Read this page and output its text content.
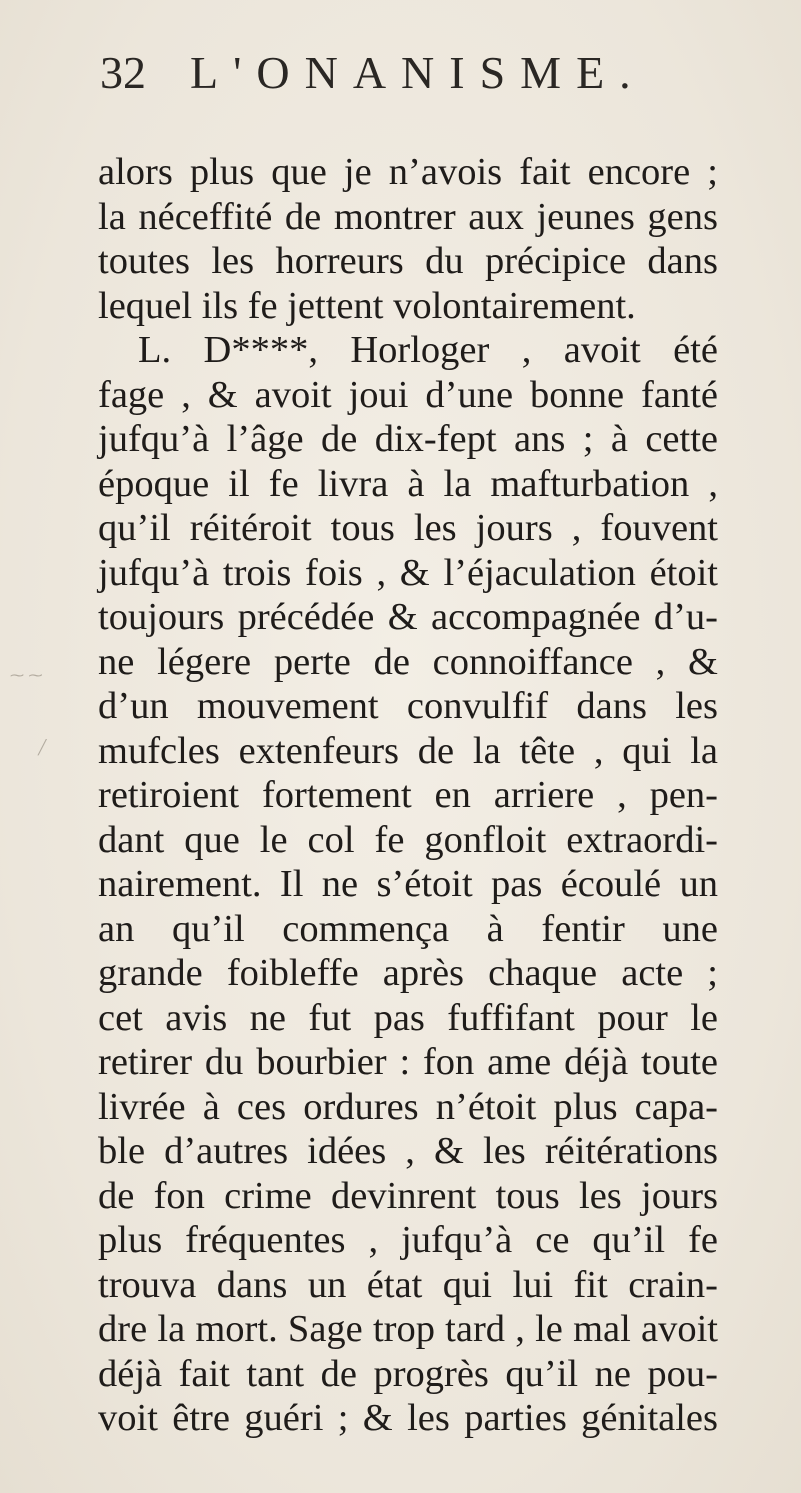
32 L'ONANISME.
alors plus que je n’avois fait encore ;
la néceffité de montrer aux jeunes gens
toutes les horreurs du précipice dans
lequel ils fe jettent volontairement.
L. D****, Horloger , avoit été
fage , & avoit joui d’une bonne fanté
jufqu’à l’âge de dix-fept ans ; à cette
époque il fe livra à la mafturbation ,
qu’il réitéroit tous les jours , fouvent
jufqu’à trois fois , & l’éjaculation étoit
toujours précédée & accompagnée d’u-
ne légere perte de connoiffance , &
d’un mouvement convulfif dans les
mufcles extenfeurs de la tête , qui la
retiroient fortement en arriere , pen-
dant que le col fe gonfloit extraordi-
nairement. Il ne s’étoit pas écoulé un
an qu’il commença à fentir une
grande foibleffe après chaque acte ;
cet avis ne fut pas fuffifant pour le
retirer du bourbier : fon ame déjà toute
livrée à ces ordures n’étoit plus capa-
ble d’autres idées , & les réitérations
de fon crime devinrent tous les jours
plus fréquentes , jufqu’à ce qu’il fe
trouva dans un état qui lui fit crain-
dre la mort. Sage trop tard , le mal avoit
déjà fait tant de progrès qu’il ne pou-
voit être guéri ; & les parties génitales
⁓ ⁓
╱
